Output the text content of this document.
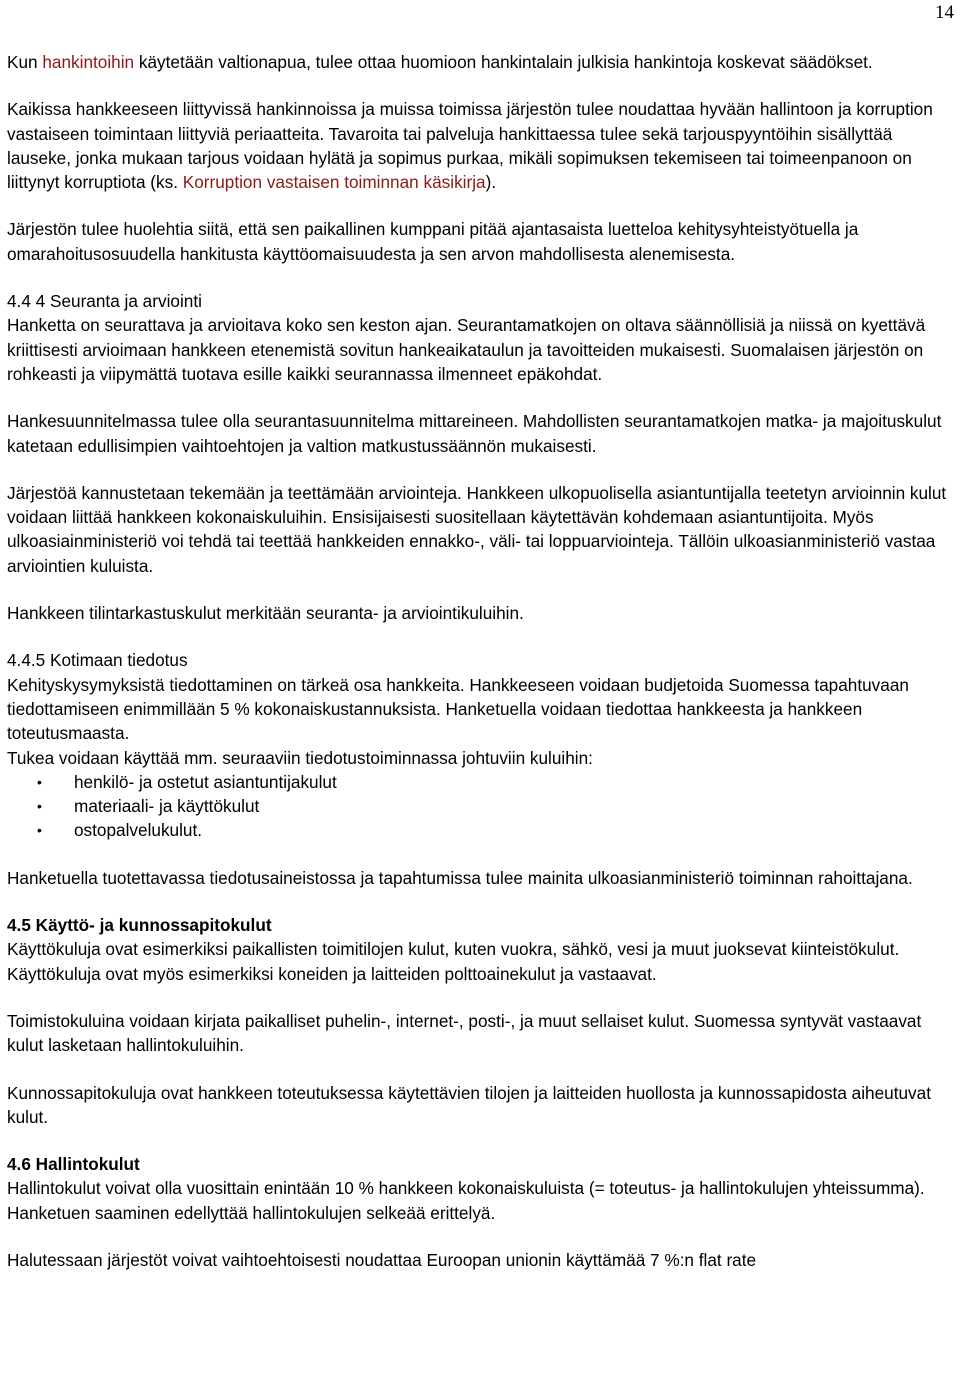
14

Kun hankintoihin käytetään valtionapua, tulee ottaa huomioon hankintalain julkisia hankintoja koskevat säädökset.

Kaikissa hankkeeseen liittyvissä hankinnoissa ja muissa toimissa järjestön tulee noudattaa hyvään hallintoon ja korruption vastaiseen toimintaan liittyviä periaatteita. Tavaroita tai palveluja hankittaessa tulee sekä tarjouspyyntöihin sisällyttää lauseke, jonka mukaan tarjous voidaan hylätä ja sopimus purkaa, mikäli sopimuksen tekemiseen tai toimeenpanoon on liittynyt korruptiota (ks. Korruption vastaisen toiminnan käsikirja).

Järjestön tulee huolehtia siitä, että sen paikallinen kumppani pitää ajantasaista luetteloa kehitysyhteistyötuella ja omarahoitusosuudella hankitusta käyttöomaisuudesta ja sen arvon mahdollisesta alenemisesta.

4.4 4 Seuranta ja arviointi

Hanketta on seurattava ja arvioitava koko sen keston ajan. Seurantamatkojen on oltava säännöllisiä ja niissä on kyettävä kriittisesti arvioimaan hankkeen etenemistä sovitun hankeaikataulun ja tavoitteiden mukaisesti. Suomalaisen järjestön on rohkeasti ja viipymättä tuotava esille kaikki seurannassa ilmenneet epäkohdat.

Hankesuunnitelmassa tulee olla seurantasuunnitelma mittareineen. Mahdollisten seurantamatkojen matka- ja majoituskulut katetaan edullisimpien vaihtoehtojen ja valtion matkustussäännön mukaisesti.

Järjestöä kannustetaan tekemään ja teettämään arviointeja. Hankkeen ulkopuolisella asiantuntijalla teetetyn arvioinnin kulut voidaan liittää hankkeen kokonaiskuluihin. Ensisijaisesti suositellaan käytettävän kohdemaan asiantuntijoita. Myös ulkoasiainministeriö voi tehdä tai teettää hankkeiden ennakko-, väli- tai loppuarviointeja. Tällöin ulkoasianministeriö vastaa arviointien kuluista.

Hankkeen tilintarkastuskulut merkitään seuranta- ja arviointikuluihin.

4.4.5 Kotimaan tiedotus

Kehityskysymyksistä tiedottaminen on tärkeä osa hankkeita. Hankkeeseen voidaan budjetoida Suomessa tapahtuvaan tiedottamiseen enimmillään 5 % kokonaiskustannuksista. Hanketuella voidaan tiedottaa hankkeesta ja hankkeen toteutusmaasta.

Tukea voidaan käyttää mm. seuraaviin tiedotustoiminnassa johtuviin kuluihin:

• henkilö- ja ostetut asiantuntijakulut
• materiaali- ja käyttökulut
• ostopalvelukulut.

Hanketuella tuotettavassa tiedotusaineistossa ja tapahtumissa tulee mainita ulkoasianministeriö toiminnan rahoittajana.

4.5 Käyttö- ja kunnossapitokulut

Käyttökuluja ovat esimerkiksi paikallisten toimitilojen kulut, kuten vuokra, sähkö, vesi ja muut juoksevat kiinteistökulut. Käyttökuluja ovat myös esimerkiksi koneiden ja laitteiden polttoainekulut ja vastaavat.

Toimistokuluina voidaan kirjata paikalliset puhelin-, internet-, posti-, ja muut sellaiset kulut. Suomessa syntyvät vastaavat kulut lasketaan hallintokuluihin.

Kunnossapitokuluja ovat hankkeen toteutuksessa käytettävien tilojen ja laitteiden huollosta ja kunnossapidosta aiheutuvat kulut.

4.6 Hallintokulut

Hallintokulut voivat olla vuosittain enintään 10 % hankkeen kokonaiskuluista (= toteutus- ja hallintokulujen yhteissumma). Hanketuen saaminen edellyttää hallintokulujen selkeää erittelyä.

Halutessaan järjestöt voivat vaihtoehtoisesti noudattaa Euroopan unionin käyttämää 7 %:n flat rate
